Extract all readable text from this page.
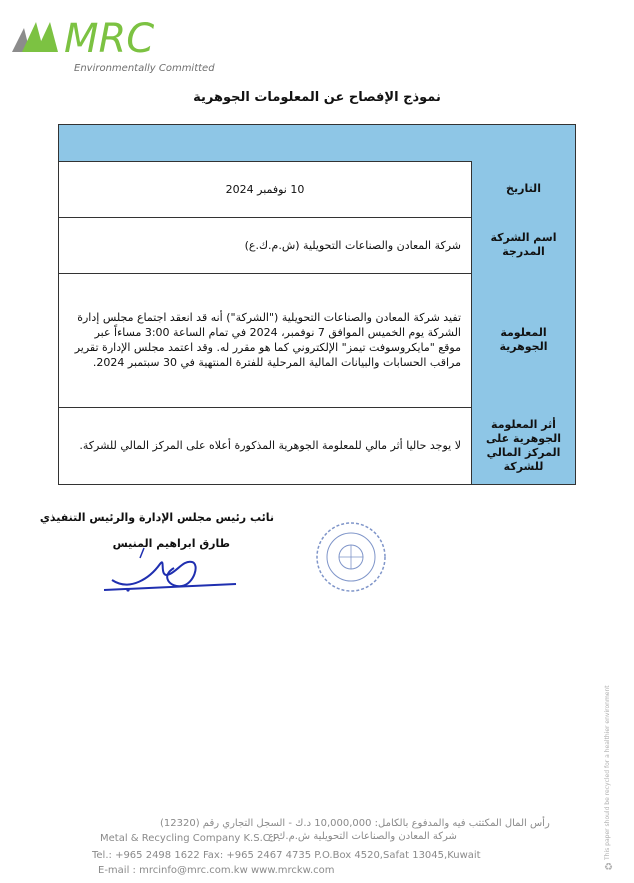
MRC
Environmentally Committed
نموذج الإفصاح عن المعلومات الجوهرية
10 نوفمبر 2024	التاريخ
شركة المعادن والصناعات التحويلية (ش.م.ك.ع)
اسم الشركة المدرجة
تفيد شركة المعادن والصناعات التحويلية ("الشركة") أنه قد انعقد اجتماع مجلس إدارة الشركة يوم الخميس الموافق 7 نوفمبر، 2024 في تمام الساعة 3:00 مساءاً عبر موقع "مايكروسوفت تيمز" الإلكتروني كما هو مقرر له. وقد اعتمد مجلس الإدارة تقرير مراقب الحسابات والبيانات المالية المرحلية للفترة المنتهية في 30 سبتمبر 2024.
المعلومة الجوهرية
لا يوجد حاليا أثر مالي للمعلومة الجوهرية المذكورة أعلاه على المركز المالي للشركة.
أثر المعلومة الجوهرية على المركز المالي للشركة
نائب رئيس مجلس الإدارة والرئيس التنفيذي
طارق ابراهيم المنيس
رأس المال المكتتب فيه والمدفوع بالكامل: 10,000,000 د.ك - السجل التجاري رقم (12320)
Metal & Recycling Company K.S.C.P.
شركة المعادن والصناعات التحويلية ش.م.ك.ع
Tel.: +965 2498 1622 Fax: +965 2467 4735 P.O.Box 4520,Safat 13045,Kuwait
E-mail : mrcinfo@mrc.com.kw www.mrckw.com
This paper should be recycled for a healthier environment
♻
